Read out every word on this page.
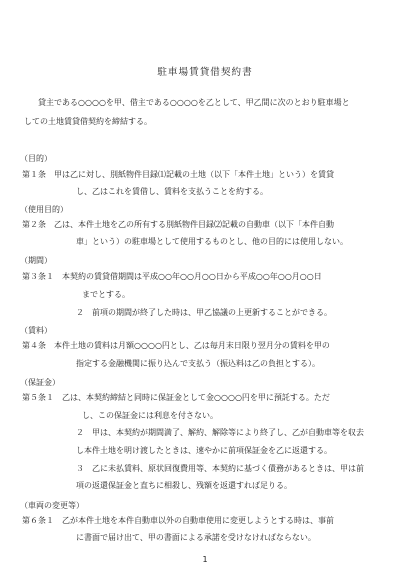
駐車場賃貸借契約書
貸主である○○○○を甲、借主である○○○○を乙として、甲乙間に次のとおり駐車場と
しての土地賃貸借契約を締結する。
（目的）
第１条　甲は乙に対し、別紙物件目録⑴記載の土地（以下「本件土地」という）を賃貸
し、乙はこれを賃借し、賃料を支払うことを約する。
（使用目的）
第２条　乙は、本件土地を乙の所有する別紙物件目録⑵記載の自動車（以下「本件自動
車」という）の駐車場として使用するものとし、他の目的には使用しない。
（期間）
第３条１　本契約の賃貸借期間は平成○○年○○月○○日から平成○○年○○月○○日
までとする。
２　前項の期間が終了した時は、甲乙協議の上更新することができる。
（賃料）
第４条　本件土地の賃料は月額○○○○円とし、乙は毎月末日限り翌月分の賃料を甲の
指定する金融機関に振り込んで支払う（振込料は乙の負担とする）。
（保証金）
第５条１　乙は、本契約締結と同時に保証金として金○○○○円を甲に預託する。ただ
し、この保証金には利息を付さない。
２　甲は、本契約が期間満了、解約、解除等により終了し、乙が自動車等を収去
し本件土地を明け渡したときは、速やかに前項保証金を乙に返還する。
３　乙に未払賃料、原状回復費用等、本契約に基づく債務があるときは、甲は前
項の返還保証金と直ちに相殺し、残額を返還すれば足りる。
（車両の変更等）
第６条１　乙が本件土地を本件自動車以外の自動車使用に変更しようとする時は、事前
に書面で届け出て、甲の書面による承諾を受けなければならない。
1
